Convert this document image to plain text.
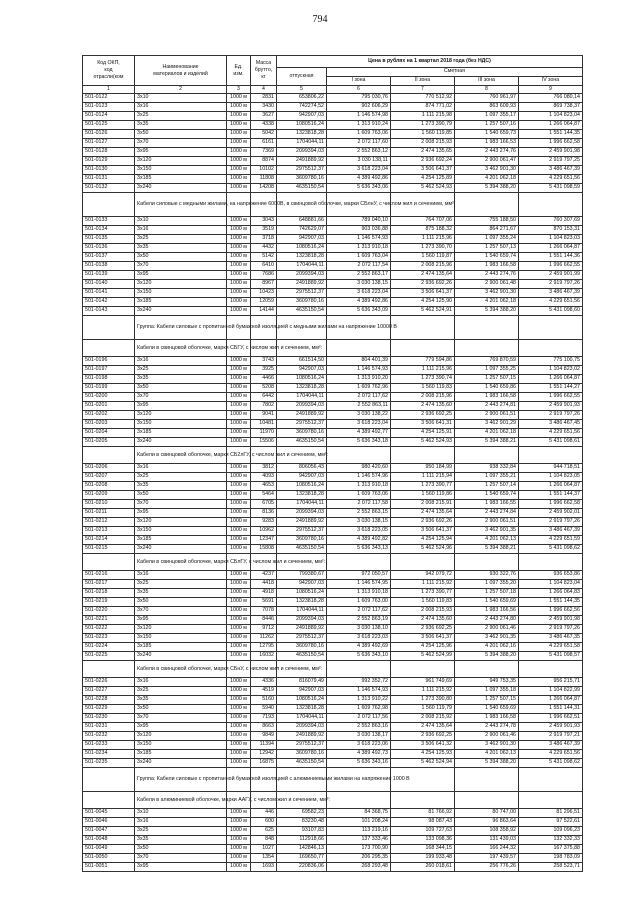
794
Код ОКП,
код
отрасли(ком	Наименование
материалов и изделий	Ед.
изм.	Масса
брутто,
кг	Цена в рублях на 1 квартал 2018 года (без НДС)				
				отпускная	Сметная			
					I зона	II зона	III зона	IV зона
1	2	3	4	5	6	7	8	9
501-0122	3х10	1000 м	2831	653806,22	795 030,76	770 512,92	760 961,97	766 080,14
501-0123	3х16	1000 м	3430	742274,52	902 606,29	874 771,02	863 609,93	869 738,37
501-0124	3х25	1000 м	3627	942907,03	1 146 574,98	1 111 215,98	1 097 355,17	1 104 823,04
501-0125	3х35	1000 м	4338	1080516,24	1 313 910,24	1 273 390,79	1 257 507,16	1 266 064,87
501-0126	3х50	1000 м	5042	1323818,28	1 609 763,06	1 560 119,85	1 540 659,73	1 551 144,35
501-0127	3х70	1000 м	6161	1704044,11	2 072 117,60	2 008 215,93	1 983 166,53	1 996 662,58
501-0128	3х95	1000 м	7369	2099394,03	2 552 863,12	2 474 135,65	2 443 274,76	2 459 901,98
501-0129	3х120	1000 м	8874	2491889,92	3 030 138,11	2 936 692,24	2 900 061,47	2 919 797,25
501-0130	3х150	1000 м	10102	2975512,37	3 618 223,04	3 506 641,37	3 462 901,30	3 486 467,39
501-0131	3х185	1000 м	11808	3609780,16	4 389 492,86	4 254 125,89	4 201 062,18	4 229 651,56
501-0132	3х240	1000 м	14208	4635150,54	5 636 343,06	5 462 524,93	5 394 388,20	5 431 098,59
	Кабели силовые с медными жилами, на напряжение 6000В, в свинцовой оболочке, марки СБлнУ, с числом жил и сечением, мм²:							
501-0133	3х10	1000 м	3043	648881,66	789 040,10	764 707,06	755 188,50	760 307,69
501-0134	3х16	1000 м	3519	742629,07	903 036,88	875 188,32	864 271,67	870 153,31
501-0135	3х25	1000 м	3718	942907,03	1 146 574,93	1 111 215,96	1 097 355,24	1 104 823,03
501-0136	3х35	1000 м	4432	1080516,24	1 313 910,18	1 273 390,70	1 257 507,13	1 266 064,87
501-0137	3х50	1000 м	5142	1323818,28	1 609 763,04	1 560 119,87	1 540 659,74	1 551 144,36
501-0138	3х70	1000 м	6410	1704044,11	2 072 117,54	2 008 215,96	1 983 166,58	1 996 662,55
501-0139	3х95	1000 м	7686	2099394,03	2 552 863,17	2 474 135,64	2 443 274,76	2 459 901,99
501-0140	3х120	1000 м	8967	2491889,92	3 030 138,15	2 936 692,26	2 900 061,48	2 919 797,26
501-0141	3х150	1000 м	10423	2975512,37	3 618 223,04	3 506 641,37	3 462 901,30	3 486 467,39
501-0142	3х185	1000 м	12059	3609780,16	4 389 492,86	4 254 125,90	4 201 062,18	4 229 651,56
501-0143	3х240	1000 м	14144	4635150,54	5 636 343,09	5 462 524,91	5 394 388,20	5 431 098,60
	Группа: Кабели силовые с пропитанной бумажной изоляцией с медными жилами на напряжение 10000 В							
	Кабели в свинцовой оболочке, марки СБГУ, с числом жил и сечением, мм²:							
501-0196	3х16	1000 м	3743	661514,50	804 401,39	779 594,86	769 870,59	775 100,75
501-0197	3х25	1000 м	3925	942907,03	1 146 574,93	1 111 215,96	1 097 355,25	1 104 823,02
501-0198	3х35	1000 м	4466	1080516,24	1 313 910,20	1 273 390,74	1 257 507,15	1 266 064,87
501-0199	3х50	1000 м	5208	1323818,28	1 609 762,96	1 560 119,83	1 540 659,86	1 551 144,27
501-0200	3х70	1000 м	6442	1704044,11	2 072 117,62	2 008 215,96	1 983 166,58	1 996 662,55
501-0201	3х95	1000 м	7802	2099394,03	2 552 863,11	2 474 135,60	2 443 274,81	2 459 901,93
501-0202	3х120	1000 м	9041	2491889,92	3 030 138,22	2 936 692,25	2 900 061,51	2 919 797,26
501-0203	3х150	1000 м	10481	2975512,37	3 618 223,04	3 506 641,31	3 462 901,29	3 486 467,45
501-0204	3х185	1000 м	11970	3609780,16	4 389 492,77	4 254 125,91	4 201 062,18	4 229 651,56
501-0205	3х240	1000 м	15506	4635150,54	5 636 343,18	5 462 524,93	5 394 388,21	5 431 098,61
	Кабели в свинцовой оболочке, марки СБ2лГУ, с числом жил и сечением, мм²:							
501-0206	3х16	1000 м	3812	806056,43	980 420,60	950 184,99	938 332,84	944 718,51
501-0207	3х25	1000 м	4093	942907,03	1 146 574,96	1 111 215,94	1 097 355,21	1 104 823,05
501-0208	3х35	1000 м	4653	1080516,24	1 313 910,18	1 273 390,77	1 257 507,14	1 266 064,87
501-0209	3х50	1000 м	5464	1323818,28	1 609 763,06	1 560 119,86	1 540 659,74	1 551 144,37
501-0210	3х70	1000 м	6705	1704044,11	2 072 117,58	2 008 215,91	1 983 166,55	1 996 662,58
501-0211	3х95	1000 м	8136	2099394,03	2 552 863,15	2 474 135,64	2 443 274,84	2 459 902,01
501-0212	3х120	1000 м	9283	2491889,92	3 030 138,15	2 936 692,26	2 900 061,51	2 919 797,26
501-0213	3х150	1000 м	10962	2975512,37	3 618 223,05	3 506 641,37	3 462 901,35	3 486 467,39
501-0214	3х185	1000 м	12347	3609780,16	4 389 492,82	4 254 125,94	4 201 062,13	4 229 651,59
501-0215	3х240	1000 м	15808	4635150,54	5 636 343,13	5 462 524,96	5 394 388,21	5 431 098,62
	Кабели в свинцовой оболочке, марки СБлГУ, с числом жил и сечением, мм²:							
501-0216	3х16	1000 м	4237	799380,67	972 050,57	942 079,72	930 322,76	936 653,86
501-0217	3х25	1000 м	4418	942907,03	1 146 574,95	1 111 215,92	1 097 355,20	1 104 823,04
501-0218	3х35	1000 м	4918	1080516,24	1 313 910,18	1 273 390,77	1 257 507,18	1 266 064,83
501-0219	3х50	1000 м	5691	1323818,28	1 609 763,00	1 560 119,83	1 540 659,69	1 551 144,35
501-0220	3х70	1000 м	7078	1704044,11	2 072 117,62	2 008 215,93	1 983 166,56	1 996 662,56
501-0221	3х95	1000 м	8446	2099394,03	2 552 863,19	2 474 135,60	2 443 274,80	2 459 901,98
501-0222	3х120	1000 м	9712	2491889,92	3 030 138,10	2 936 692,25	2 900 061,46	2 919 797,26
501-0223	3х150	1000 м	11262	2975512,37	3 618 223,03	3 506 641,37	3 462 901,35	3 486 467,35
501-0224	3х185	1000 м	12795	3609780,16	4 389 492,69	4 254 125,96	4 201 062,16	4 229 651,58
501-0225	3х240	1000 м	16032	4635150,54	5 636 343,10	5 462 524,99	5 394 388,20	5 431 098,57
	Кабели в свинцовой оболочке, марки СБнУ, с числом жил и сечением, мм²:							
501-0226	3х16	1000 м	4336	816079,49	992 352,72	961 749,69	949 753,35	956 215,71
501-0227	3х25	1000 м	4519	942907,03	1 146 574,93	1 111 215,92	1 097 355,18	1 104 822,99
501-0228	3х35	1000 м	5160	1080516,24	1 313 910,22	1 273 390,80	1 257 507,15	1 266 064,87
501-0229	3х50	1000 м	5940	1323818,28	1 609 762,98	1 560 119,79	1 540 659,69	1 551 144,31
501-0230	3х70	1000 м	7193	1704044,11	2 072 117,56	2 008 215,92	1 983 166,58	1 996 662,51
501-0231	3х95	1000 м	8663	2099394,03	2 552 863,16	2 474 135,64	2 443 274,78	2 459 901,93
501-0232	3х120	1000 м	9849	2491889,92	3 030 138,17	2 936 692,25	2 900 061,46	2 919 797,21
501-0233	3х150	1000 м	11394	2975512,37	3 618 223,06	3 506 641,32	3 462 901,30	3 486 467,39
501-0234	3х185	1000 м	12942	3609780,16	4 389 492,73	4 254 125,93	4 201 062,13	4 229 651,56
501-0235	3х240	1000 м	16875	4635150,54	5 636 343,16	5 462 524,94	5 394 388,20	5 431 098,62
	Группа: Кабели силовые с пропитанной бумажной изоляцией с алюминиевыми жилами на напряжение 1000 В							
	Кабели в алюминиевой оболочке, марки ААГУ, с числом жил и сечением, мм²:							
501-0045	3х10	1000 м	446	69582,23	84 368,75	81 766,92	80 747,00	81 296,51
501-0046	3х16	1000 м	600	83230,48	101 208,24	98 087,43	96 863,64	97 522,61
501-0047	3х25	1000 м	625	93107,83	113 219,16	109 727,63	108 358,92	109 096,23
501-0048	3х35	1000 м	848	112918,66	137 333,46	133 098,36	131 439,03	132 332,33
501-0049	3х50	1000 м	1027	142846,13	173 700,90	168 344,15	166 244,32	167 375,88
501-0050	3х70	1000 м	1354	169650,77	206 295,35	199 933,48	197 439,57	198 783,09
501-0051	3х95	1000 м	1693	220836,06	268 293,48	260 018,61	256 776,26	258 523,71
